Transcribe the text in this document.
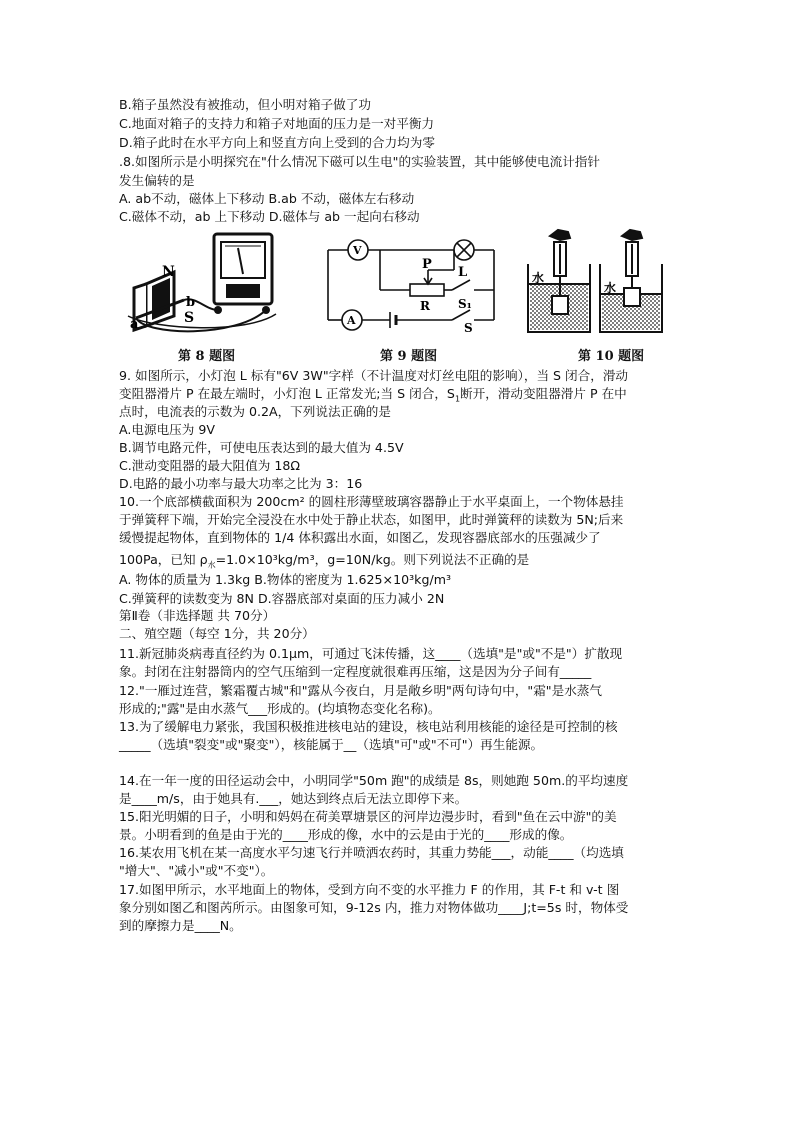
B.箱子虽然没有被推动，但小明对箱子做了功
C.地面对箱子的支持力和箱子对地面的压力是一对平衡力
D.箱子此时在水平方向上和竖直方向上受到的合力均为零
.8.如图所示是小明探究在"什么情况下磁可以生电"的实验装置，其中能够使电流计指针
发生偏转的是
A. ab不动，磁体上下移动 B.ab 不动，磁体左右移动
C.磁体不动，ab 上下移动 D.磁体与 ab 一起向右移动
N
b
S
a
V
P
L
R S₁
A
S
水
水
第 8 题图	第 9 题图	第 10 题图
9. 如图所示，小灯泡 L 标有"6V 3W"字样（不计温度对灯丝电阻的影响），当 S 闭合，滑动
变阻器滑片 P 在最左端时，小灯泡 L 正常发光;当 S 闭合，$S_1$断开，滑动变阻器滑片 P 在中
点时，电流表的示数为 0.2A，下列说法正确的是
A.电源电压为 9V
B.调节电路元件，可使电压表达到的最大值为 4.5V
C.泄动变阻器的最大阻值为 18Ω
D.电路的最小功率与最大功率之比为 3：16
10.一个底部横截面积为 200cm² 的圆柱形薄壁玻璃容器静止于水平桌面上，一个物体悬挂
于弹簧秤下端，开始完全浸没在水中处于静止状态，如图甲，此时弹簧秤的读数为 5N;后来
缓慢提起物体，直到物体的 1/4 体积露出水面，如图乙，发现容器底部水的压强减少了
100Pa，已知 $\rho_水=1.0\times 10^3kg/m^3$，g=10N/kg。则下列说法不正确的是
A. 物体的质量为 1.3kg B.物体的密度为 1.625×10³kg/m³
C.弹簧秤的读数变为 8N D.容器底部对桌面的压力减小 2N
第Ⅱ卷（非选择题 共 70分）
二、殖空题（每空 1分，共 20分）
11.新冠肺炎病毒直径约为 0.1μm，可通过飞沫传播，这____（选填"是"或"不是"）扩散现
象。封闭在注射器筒内的空气压缩到一定程度就很难再压缩，这是因为分子间有_____
12."一雁过连营，繁霜覆古城"和"露从今夜白，月是敞乡明"两句诗句中，"霜"是水蒸气
形成的;"露"是由水蒸气___形成的。(均填物态变化名称)。
13.为了缓解电力紧张，我国积极推进核电站的建设，核电站利用核能的途径是可控制的核
_____（选填"裂变"或"聚变"），核能属于__（选填"可"或"不可"）再生能源。
14.在一年一度的田径运动会中，小明同学"50m 跑"的成绩是 8s，则她跑 50m.的平均速度
是____m/s，由于她具有.___，她达到终点后无法立即停下来。
15.阳光明媚的日子，小明和妈妈在荷美覃塘景区的河岸边漫步时，看到"鱼在云中游"的美
景。小明看到的鱼是由于光的____形成的像，水中的云是由于光的____形成的像。
16.某农用飞机在某一高度水平匀速飞行并喷洒农药时，其重力势能___，动能____（均选填
"增大"、"减小"或"不变"）。
17.如图甲所示，水平地面上的物体，受到方向不变的水平推力 F 的作用，其 F-t 和 v-t 图
象分别如图乙和图芮所示。由图象可知，9-12s 内，推力对物体做功____J;t=5s 时，物体受
到的摩擦力是____N。
